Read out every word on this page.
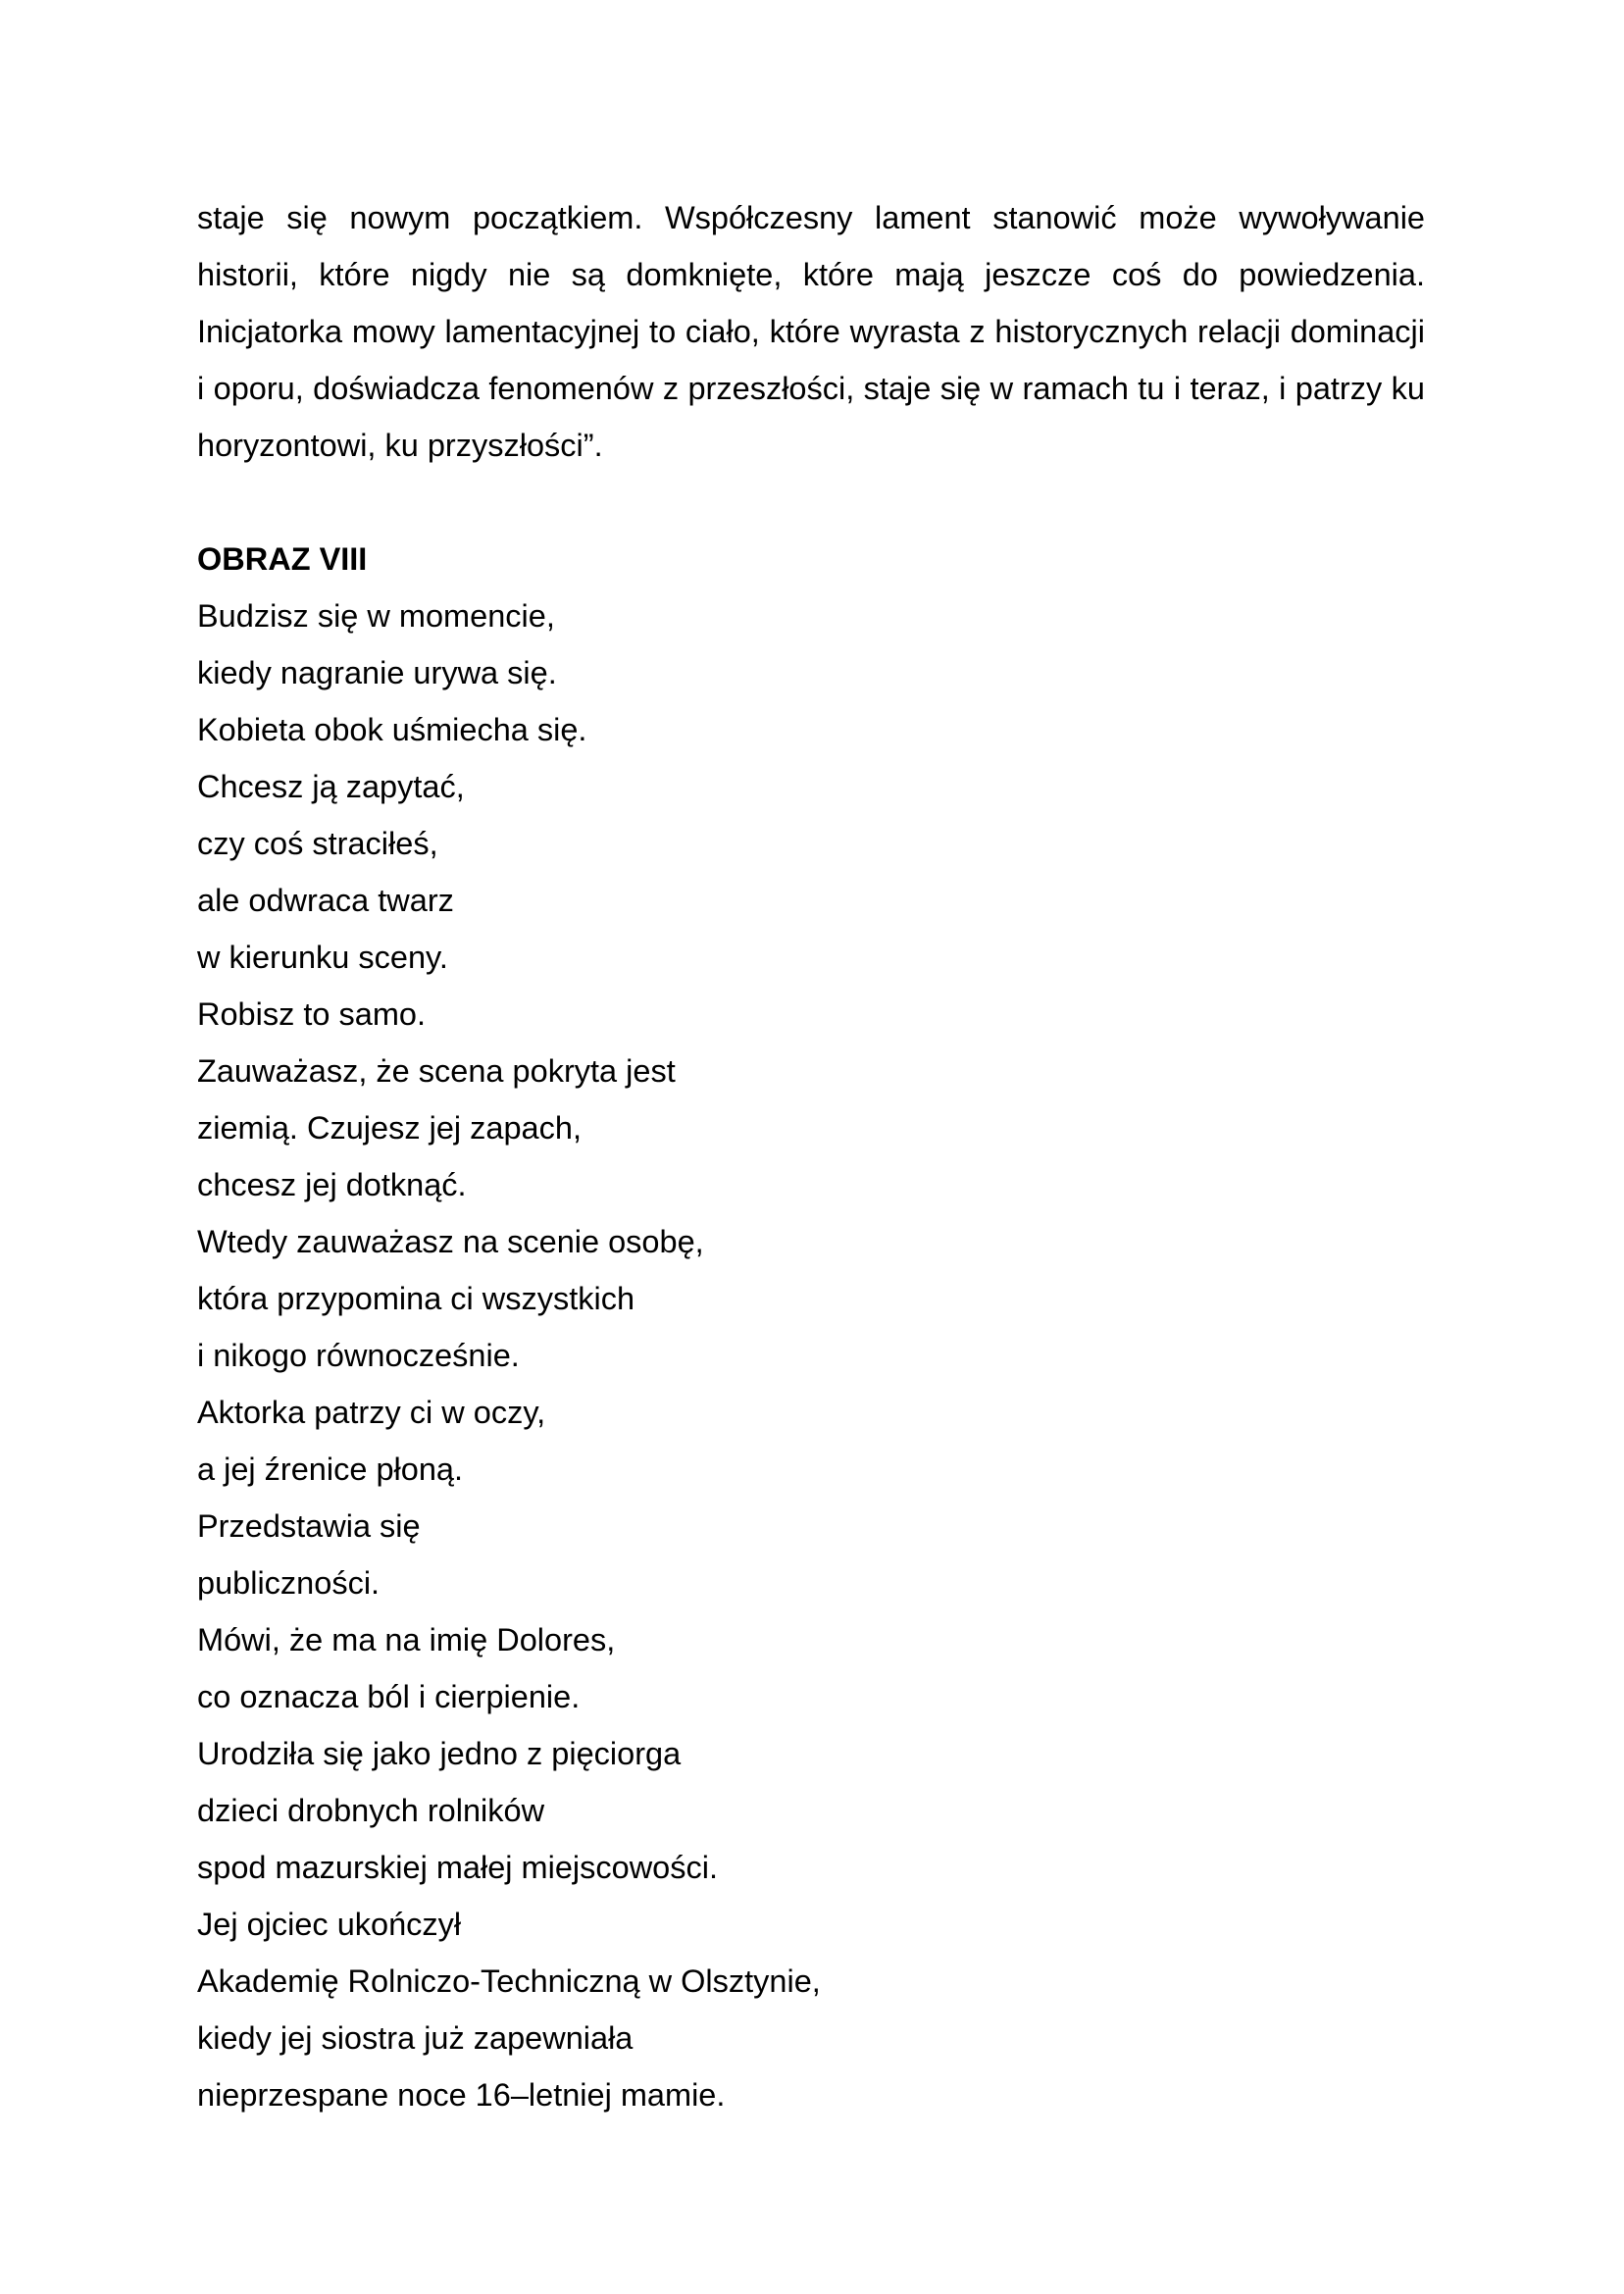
staje się nowym początkiem. Współczesny lament stanowić może wywoływanie historii, które nigdy nie są domknięte, które mają jeszcze coś do powiedzenia. Inicjatorka mowy lamentacyjnej to ciało, które wyrasta z historycznych relacji dominacji i oporu, doświadcza fenomenów z przeszłości, staje się w ramach tu i teraz, i patrzy ku horyzontowi, ku przyszłości”.

OBRAZ VIII
Budzisz się w momencie,
kiedy nagranie urywa się.
Kobieta obok uśmiecha się.
Chcesz ją zapytać,
czy coś straciłeś,
ale odwraca twarz
w kierunku sceny.
Robisz to samo.
Zauważasz, że scena pokryta jest
ziemią. Czujesz jej zapach,
chcesz jej dotknąć.
Wtedy zauważasz na scenie osobę,
która przypomina ci wszystkich
i nikogo równocześnie.
Aktorka patrzy ci w oczy,
a jej źrenice płoną.
Przedstawia się
publiczności.
Mówi, że ma na imię Dolores,
co oznacza ból i cierpienie.
Urodziła się jako jedno z pięciorga
dzieci drobnych rolników
spod mazurskiej małej miejscowości.
Jej ojciec ukończył
Akademię Rolniczo-Techniczną w Olsztynie,
kiedy jej siostra już zapewniała
nieprzespane noce 16–letniej mamie.
